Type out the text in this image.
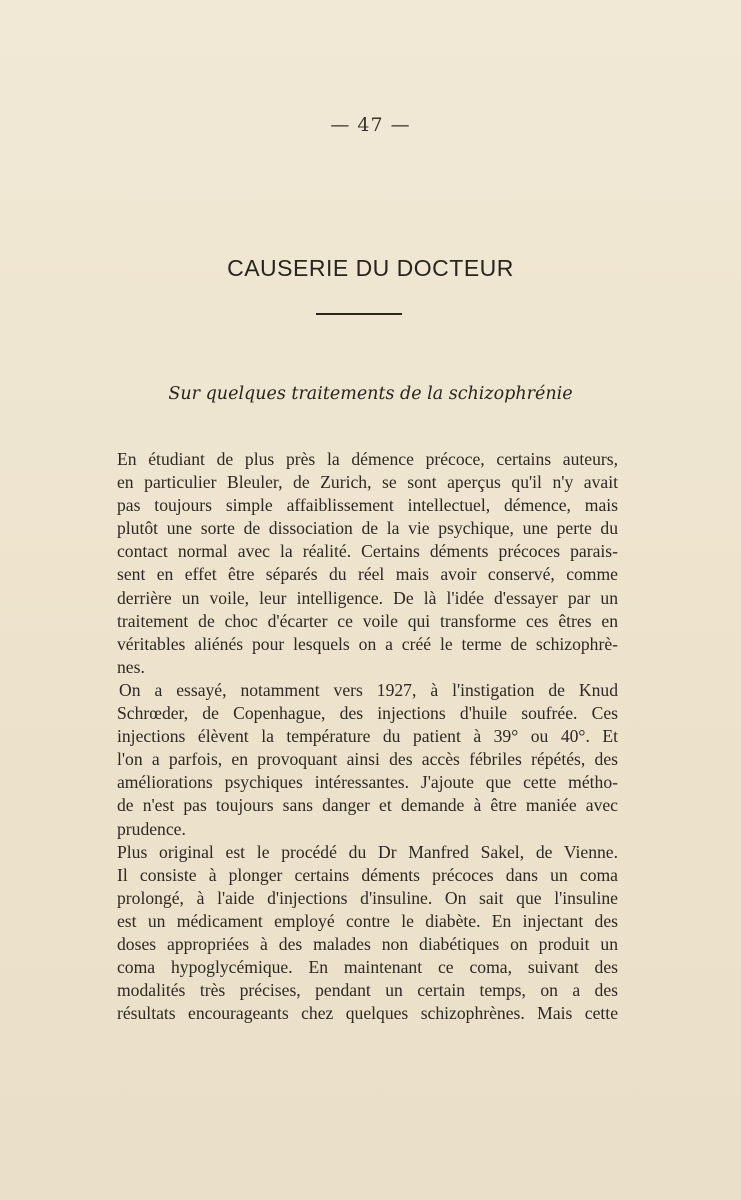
— 47 —
CAUSERIE DU DOCTEUR
Sur quelques traitements de la schizophrénie
En étudiant de plus près la démence précoce, certains auteurs,
en particulier Bleuler, de Zurich, se sont aperçus qu'il n'y avait
pas toujours simple affaiblissement intellectuel, démence, mais
plutôt une sorte de dissociation de la vie psychique, une perte du
contact normal avec la réalité. Certains déments précoces parais-
sent en effet être séparés du réel mais avoir conservé, comme
derrière un voile, leur intelligence. De là l'idée d'essayer par un
traitement de choc d'écarter ce voile qui transforme ces êtres en
véritables aliénés pour lesquels on a créé le terme de schizophrè-
nes.
On a essayé, notamment vers 1927, à l'instigation de Knud
Schrœder, de Copenhague, des injections d'huile soufrée. Ces
injections élèvent la température du patient à 39° ou 40°. Et
l'on a parfois, en provoquant ainsi des accès fébriles répétés, des
améliorations psychiques intéressantes. J'ajoute que cette métho-
de n'est pas toujours sans danger et demande à être maniée avec
prudence.
Plus original est le procédé du Dr Manfred Sakel, de Vienne.
Il consiste à plonger certains déments précoces dans un coma
prolongé, à l'aide d'injections d'insuline. On sait que l'insuline
est un médicament employé contre le diabète. En injectant des
doses appropriées à des malades non diabétiques on produit un
coma hypoglycémique. En maintenant ce coma, suivant des
modalités très précises, pendant un certain temps, on a des
résultats encourageants chez quelques schizophrènes. Mais cette
